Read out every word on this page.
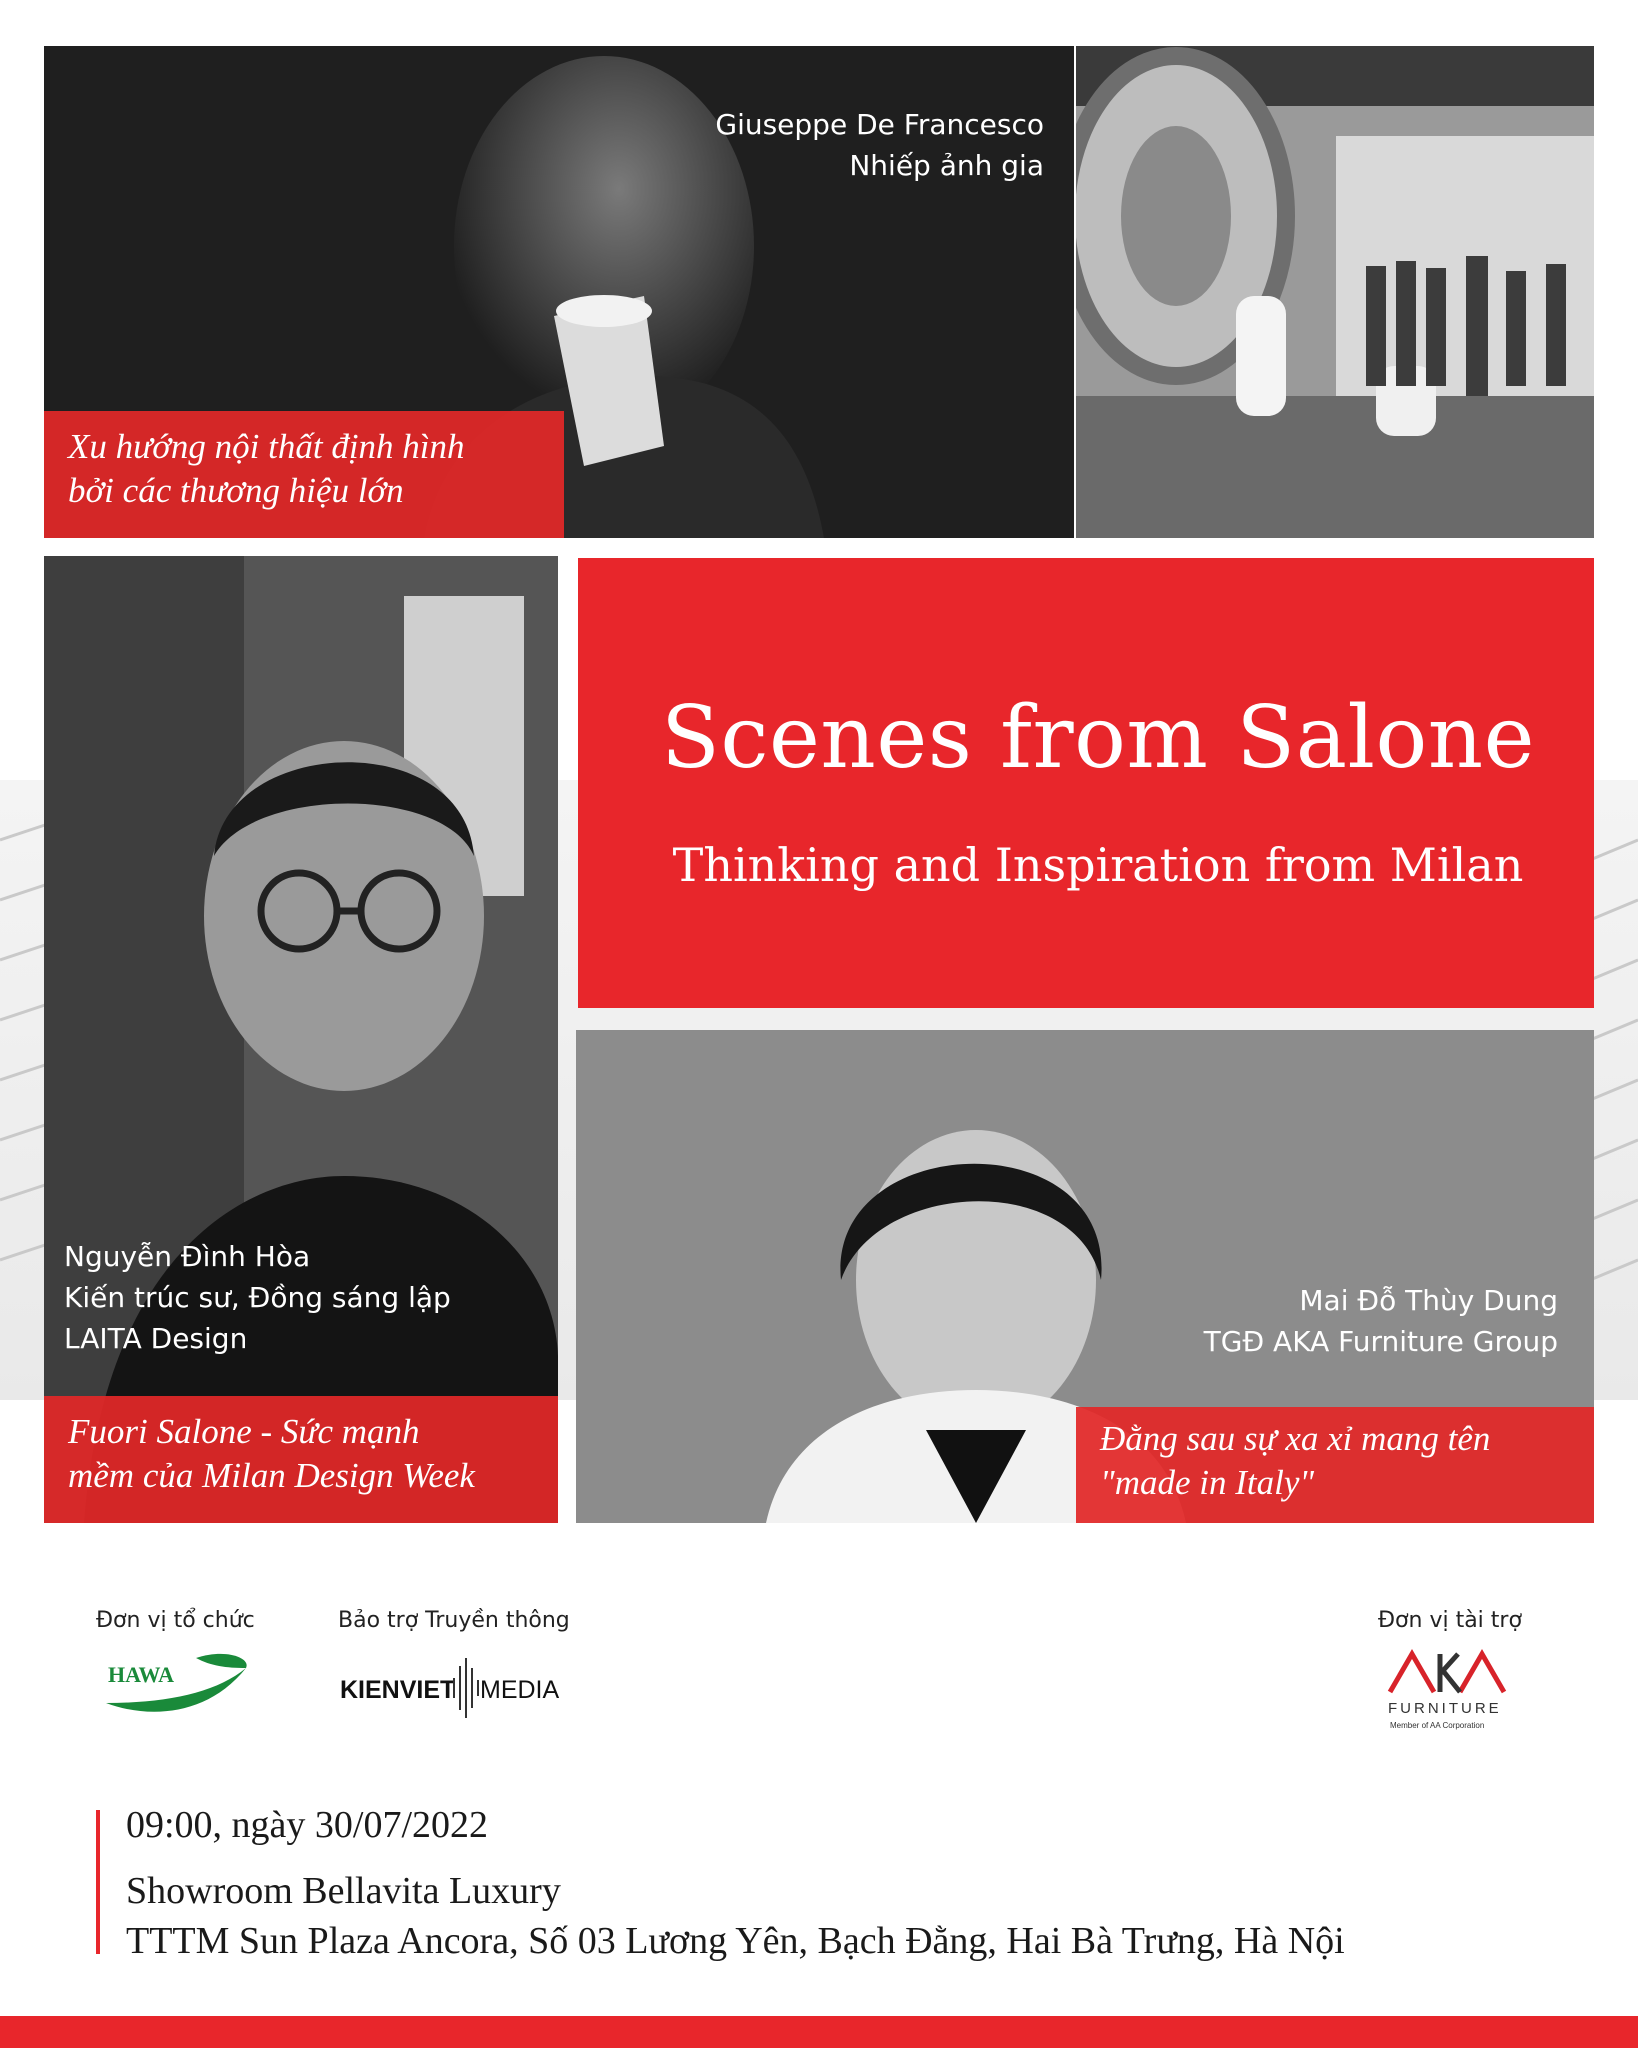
Giuseppe De Francesco
Nhiếp ảnh gia
Xu hướng nội thất định hình
bởi các thương hiệu lớn
Nguyễn Đình Hòa
Kiến trúc sư, Đồng sáng lập
LAITA Design
Fuori Salone - Sức mạnh
mềm của Milan Design Week
Scenes from Salone
Thinking and Inspiration from Milan
Mai Đỗ Thùy Dung
TGĐ AKA Furniture Group
Đằng sau sự xa xỉ mang tên
"made in Italy"
Đơn vị tổ chức
HAWA
Bảo trợ Truyền thông
KIENVIET MEDIA
Đơn vị tài trợ
FURNITURE
Member of AA Corporation
09:00, ngày 30/07/2022
Showroom Bellavita Luxury
TTTM Sun Plaza Ancora, Số 03 Lương Yên, Bạch Đằng, Hai Bà Trưng, Hà Nội
